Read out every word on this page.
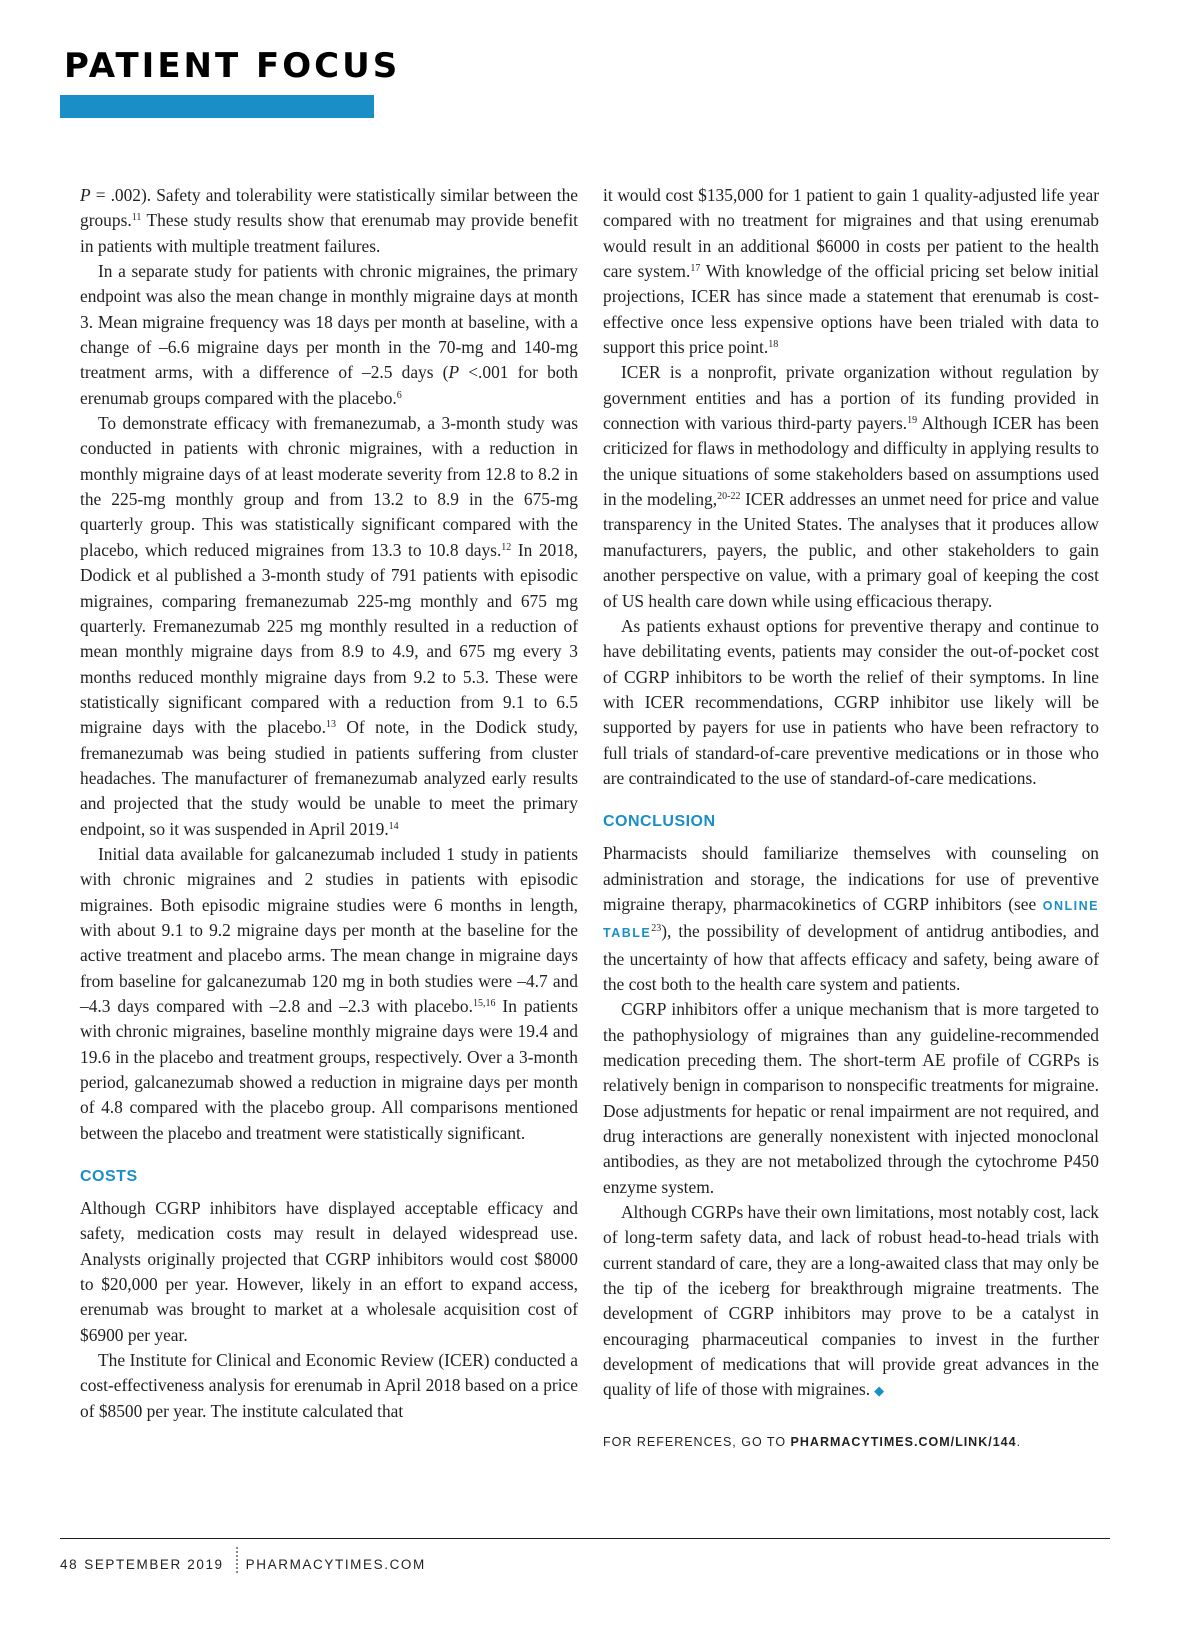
PATIENT FOCUS

P = .002). Safety and tolerability were statistically similar between the groups.$^{11}$ These study results show that erenumab may provide benefit in patients with multiple treatment failures.

In a separate study for patients with chronic migraines, the primary endpoint was also the mean change in monthly migraine days at month 3. Mean migraine frequency was 18 days per month at baseline, with a change of –6.6 migraine days per month in the 70-mg and 140-mg treatment arms, with a difference of –2.5 days (P <.001 for both erenumab groups compared with the placebo.$^6$

To demonstrate efficacy with fremanezumab, a 3-month study was conducted in patients with chronic migraines, with a reduction in monthly migraine days of at least moderate severity from 12.8 to 8.2 in the 225-mg monthly group and from 13.2 to 8.9 in the 675-mg quarterly group. This was statistically significant compared with the placebo, which reduced migraines from 13.3 to 10.8 days.$^{12}$ In 2018, Dodick et al published a 3-month study of 791 patients with episodic migraines, comparing fremanezumab 225-mg monthly and 675 mg quarterly. Fremanezumab 225 mg monthly resulted in a reduction of mean monthly migraine days from 8.9 to 4.9, and 675 mg every 3 months reduced monthly migraine days from 9.2 to 5.3. These were statistically significant compared with a reduction from 9.1 to 6.5 migraine days with the placebo.$^{13}$ Of note, in the Dodick study, fremanezumab was being studied in patients suffering from cluster headaches. The manufacturer of fremanezumab analyzed early results and projected that the study would be unable to meet the primary endpoint, so it was suspended in April 2019.14

Initial data available for galcanezumab included 1 study in patients with chronic migraines and 2 studies in patients with episodic migraines. Both episodic migraine studies were 6 months in length, with about 9.1 to 9.2 migraine days per month at the baseline for the active treatment and placebo arms. The mean change in migraine days from baseline for galcanezumab 120 mg in both studies were –4.7 and –4.3 days compared with –2.8 and –2.3 with placebo.$^{15,16}$ In patients with chronic migraines, baseline monthly migraine days were 19.4 and 19.6 in the placebo and treatment groups, respectively. Over a 3-month period, galcanezumab showed a reduction in migraine days per month of 4.8 compared with the placebo group. All comparisons mentioned between the placebo and treatment were statistically significant.

COSTS

Although CGRP inhibitors have displayed acceptable efficacy and safety, medication costs may result in delayed widespread use. Analysts originally projected that CGRP inhibitors would cost $8000 to $20,000 per year. However, likely in an effort to expand access, erenumab was brought to market at a wholesale acquisition cost of $6900 per year.

The Institute for Clinical and Economic Review (ICER) conducted a cost-effectiveness analysis for erenumab in April 2018 based on a price of $8500 per year. The institute calculated that

it would cost $135,000 for 1 patient to gain 1 quality-adjusted life year compared with no treatment for migraines and that using erenumab would result in an additional $6000 in costs per patient to the health care system.$^{17}$ With knowledge of the official pricing set below initial projections, ICER has since made a statement that erenumab is cost-effective once less expensive options have been trialed with data to support this price point.$^{18}$

ICER is a nonprofit, private organization without regulation by government entities and has a portion of its funding provided in connection with various third-party payers.$^{19}$ Although ICER has been criticized for flaws in methodology and difficulty in applying results to the unique situations of some stakeholders based on assumptions used in the modeling,$^{20-22}$ ICER addresses an unmet need for price and value transparency in the United States. The analyses that it produces allow manufacturers, payers, the public, and other stakeholders to gain another perspective on value, with a primary goal of keeping the cost of US health care down while using efficacious therapy.

As patients exhaust options for preventive therapy and continue to have debilitating events, patients may consider the out-of-pocket cost of CGRP inhibitors to be worth the relief of their symptoms. In line with ICER recommendations, CGRP inhibitor use likely will be supported by payers for use in patients who have been refractory to full trials of standard-of-care preventive medications or in those who are contraindicated to the use of standard-of-care medications.

CONCLUSION

Pharmacists should familiarize themselves with counseling on administration and storage, the indications for use of preventive migraine therapy, pharmacokinetics of CGRP inhibitors (see ONLINE TABLE$^{23}$), the possibility of development of antidrug antibodies, and the uncertainty of how that affects efficacy and safety, being aware of the cost both to the health care system and patients.

CGRP inhibitors offer a unique mechanism that is more targeted to the pathophysiology of migraines than any guideline-recommended medication preceding them. The short-term AE profile of CGRPs is relatively benign in comparison to nonspecific treatments for migraine. Dose adjustments for hepatic or renal impairment are not required, and drug interactions are generally nonexistent with injected monoclonal antibodies, as they are not metabolized through the cytochrome P450 enzyme system.

Although CGRPs have their own limitations, most notably cost, lack of long-term safety data, and lack of robust head-to-head trials with current standard of care, they are a long-awaited class that may only be the tip of the iceberg for breakthrough migraine treatments. The development of CGRP inhibitors may prove to be a catalyst in encouraging pharmaceutical companies to invest in the further development of medications that will provide great advances in the quality of life of those with migraines. ◆

FOR REFERENCES, GO TO PHARMACYTIMES.COM/LINK/144.
48 SEPTEMBER 2019 PHARMACYTIMES.COM
